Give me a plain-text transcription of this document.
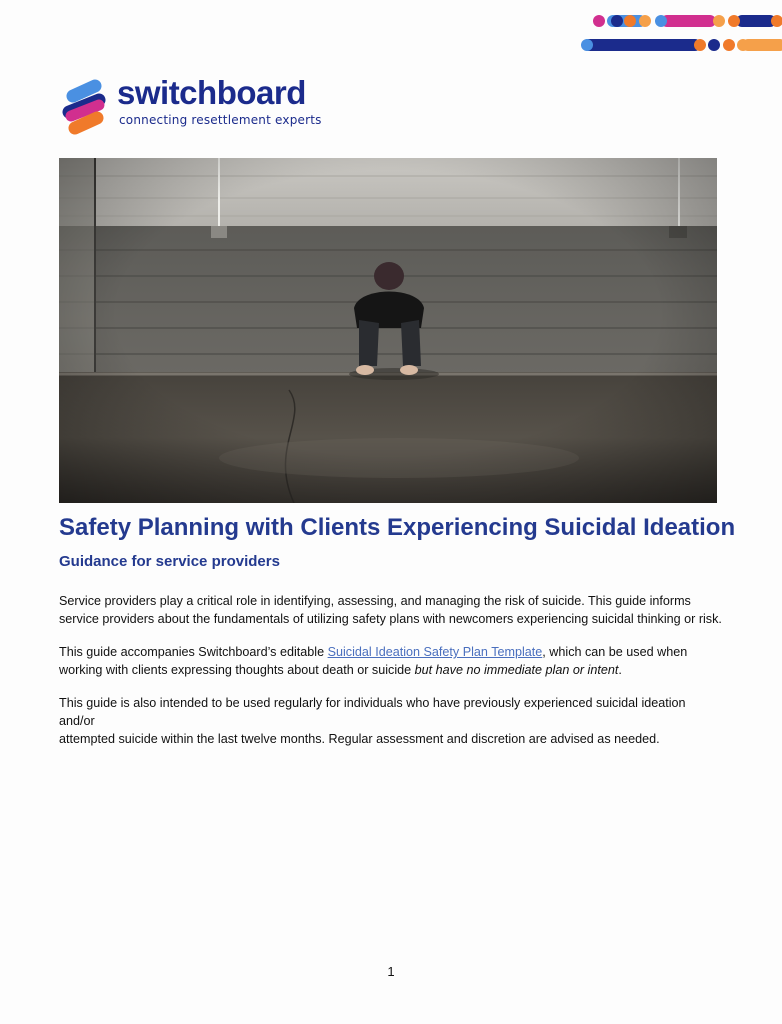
switchboard
connecting resettlement experts
Safety Planning with Clients Experiencing Suicidal Ideation
Guidance for service providers

Service providers play a critical role in identifying, assessing, and managing the risk of suicide. This guide informs
service providers about the fundamentals of utilizing safety plans with newcomers experiencing suicidal thinking or risk.

This guide accompanies Switchboard’s editable Suicidal Ideation Safety Plan Template, which can be used when
working with clients expressing thoughts about death or suicide but have no immediate plan or intent.

This guide is also intended to be used regularly for individuals who have previously experienced suicidal ideation and/or
attempted suicide within the last twelve months. Regular assessment and discretion are advised as needed.

1
